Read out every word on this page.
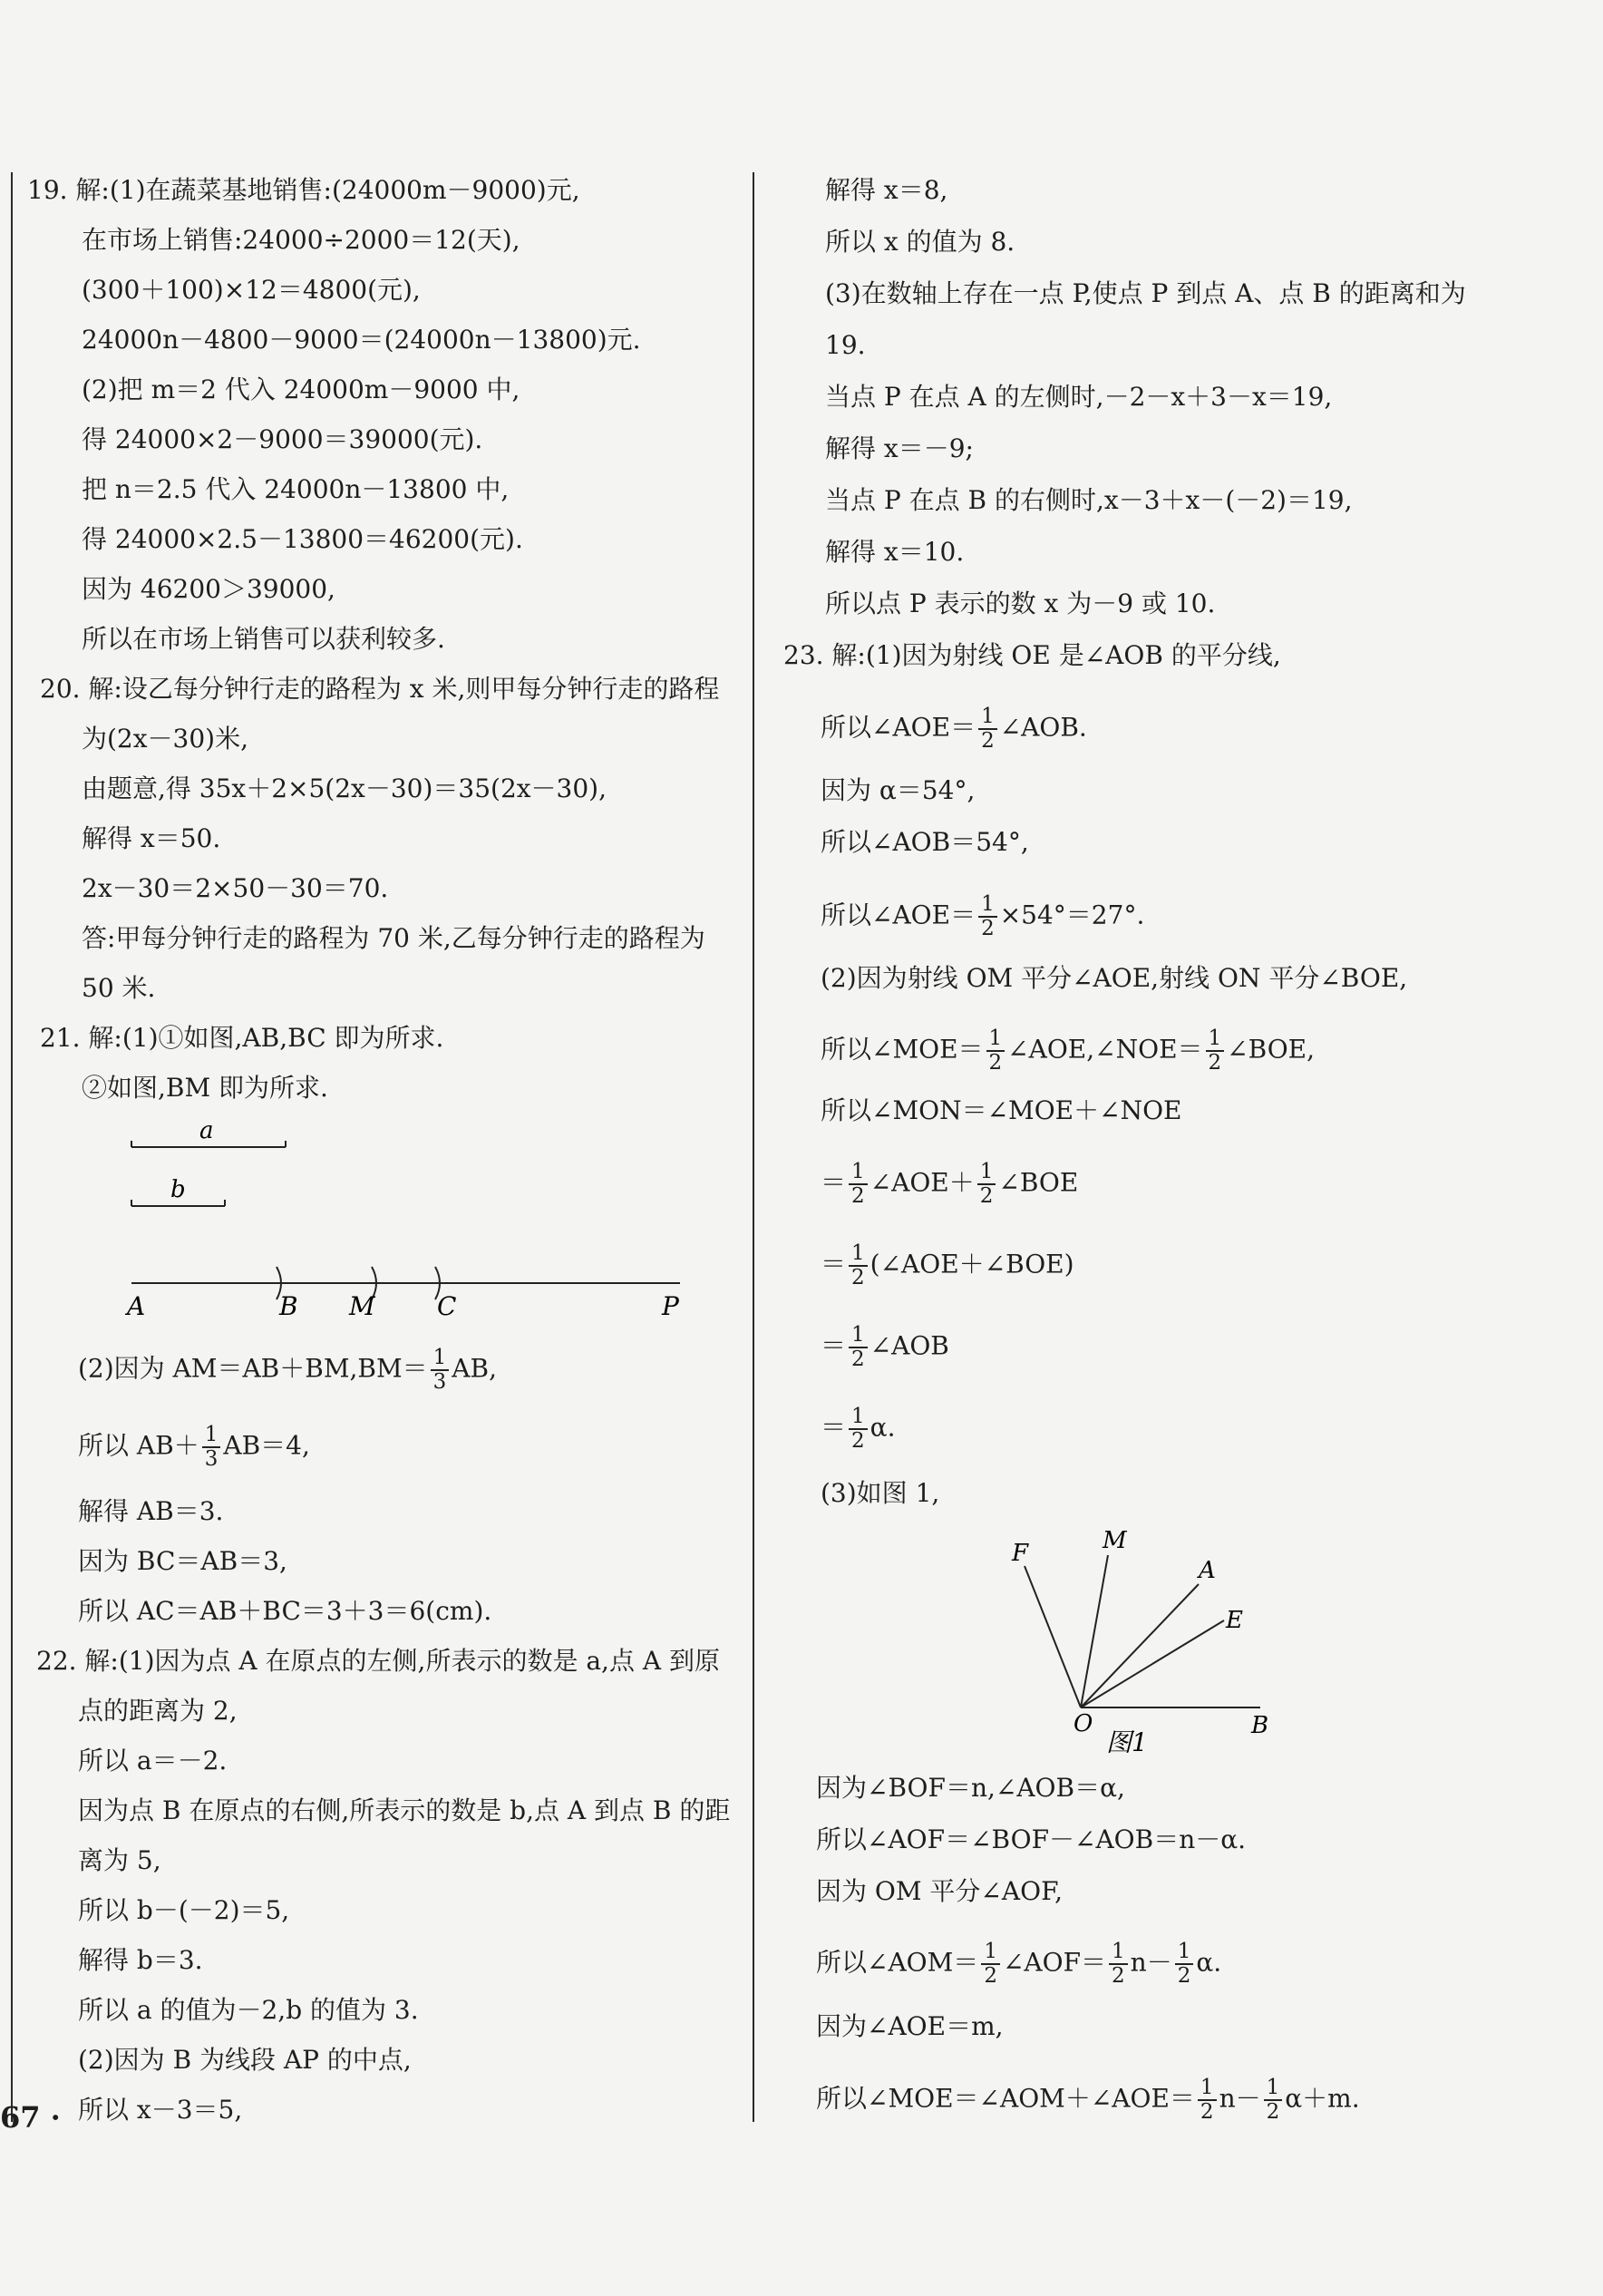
19. 解:(1)在蔬菜基地销售:(24000m－9000)元,
在市场上销售:24000÷2000＝12(天),
(300＋100)×12＝4800(元),
24000n－4800－9000＝(24000n－13800)元.
(2)把 m＝2 代入 24000m－9000 中,
得 24000×2－9000＝39000(元).
把 n＝2.5 代入 24000n－13800 中,
得 24000×2.5－13800＝46200(元).
因为 46200＞39000,
所以在市场上销售可以获利较多.
20. 解:设乙每分钟行走的路程为 x 米,则甲每分钟行走的路程
为(2x－30)米,
由题意,得 35x＋2×5(2x－30)＝35(2x－30),
解得 x＝50.
2x－30＝2×50－30＝70.
答:甲每分钟行走的路程为 70 米,乙每分钟行走的路程为
50 米.
21. 解:(1)①如图,AB,BC 即为所求.
②如图,BM 即为所求.
a
b
A	B M C	P
(2)因为 $AM=AB+BM,BM= \frac{1}{3}$ AB,
所以 $AB+ \frac{1}{3} AB=4$,
解得 AB＝3.
因为 BC＝AB＝3,
所以 AC＝AB＋BC＝3＋3＝6(cm).
22. 解:(1)因为点 A 在原点的左侧,所表示的数是 a,点 A 到原
点的距离为 2,
所以 a＝－2.
因为点 B 在原点的右侧,所表示的数是 b,点 A 到点 B 的距
离为 5,
所以 b－(－2)＝5,
解得 b＝3.
所以 a 的值为－2,b 的值为 3.
(2)因为 B 为线段 AP 的中点,
所以 x－3＝5,
解得 x＝8,
所以 x 的值为 8.
(3)在数轴上存在一点 P,使点 P 到点 A、点 B 的距离和为
19.
当点 P 在点 A 的左侧时,－2－x＋3－x＝19,
解得 x＝－9;
当点 P 在点 B 的右侧时,x－3＋x－(－2)＝19,
解得 x＝10.
所以点 P 表示的数 x 为－9 或 10.
23. 解:(1)因为射线 OE 是∠AOB 的平分线,
所以∠AOE＝ $\frac{1}{2}$ ∠AOB.
因为 α＝54°,
所以∠AOB＝54°,
所以∠AOE＝ $\frac{1}{2} \times 54^\circ=27^\circ$.
(2)因为射线 OM 平分∠AOE,射线 ON 平分∠BOE,
所以∠MOE＝ $\frac{1}{2}$ ∠AOE,∠NOE＝ $\frac{1}{2}$ ∠BOE,
所以∠MON＝∠MOE＋∠NOE
＝ $\frac{1}{2}$ ∠AOE＋ $\frac{1}{2}$ ∠BOE
＝ $\frac{1}{2}$ (∠AOE＋∠BOE)
＝ $\frac{1}{2}$ ∠AOB
＝ $\frac{1}{2} \alpha$.
(3)如图 1,
F	M
A
E
O	B
图1
因为∠BOF＝n,∠AOB＝α,
所以∠AOF＝∠BOF－∠AOB＝n－α.
因为 OM 平分∠AOF,
所以∠AOM＝ $\frac{1}{2}$ ∠AOF＝ $\frac{1}{2} n- \frac{1}{2} \alpha$.
因为∠AOE＝m,
所以∠MOE＝∠AOM＋∠AOE＝ $\frac{1}{2} n- \frac{1}{2} \alpha+m$.
67 ·
